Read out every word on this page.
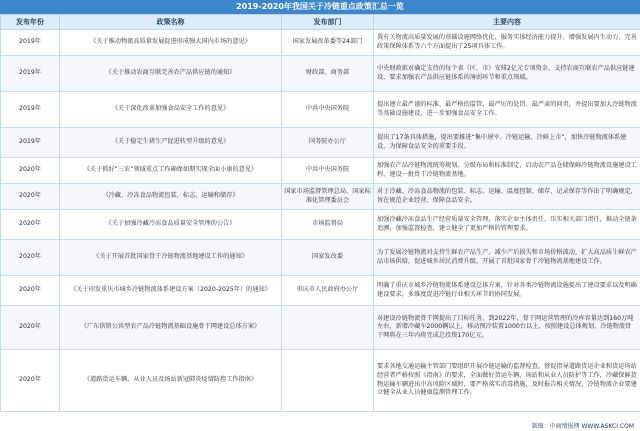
2019-2020年我国关于冷链重点政策汇总一览
发布年份	政策名称	发布部门	主要内容
2019年	《关于推动物流高质量发展促进形成强大国内市场的意见》	国家发展改革委等24部门	我有关物流高质量发展的基础设施网络优化、服务实体经济能力提升、增强发展内生动力、完善政策保障体系等六个方面提出了25项具体工作。
2019年	《关于推动农商互联完善农产品供应链的通知》	财政部、商务部	中央财政拟对确定支持的每个省（区、市）安排2亿元专项资金，支持农商互联农产品供应链建设，要求加强农产品供应链体系的薄弱环节和重点领域。
2019年	《关于深化改革加强食品安全工作的意见》	中共中央国务院	提出建立最严谨的标准、最严格的监管、最严厉的处罚、最严肃的问责，并提出要加大冷链物流等基础设施建设，进一步加强食品安全工作。
2019年	《关于稳定生猪生产促进转型升级的意见》	国务院办公厅	提出了17条具体措施，提出要推进“集中屠宰、冷链运输、冷鲜上市”，加快冷链物流体系建设，为保障食品安全的重要手段。
2020年	《关于抓好“三农”领域重点工作确保如期实现全面小康的意见》	中共中央国务院	加强农产品冷链物流统筹规划、分级布局和标准制定，启动农产品仓储保鲜冷链物流设施建设工程，建设一批骨干冷链物流基地。
2020年	《冷藏、冷冻食品物流包装、标志、运输和储存》	国家市场监督管理总局、国家标准化管理委员会	对于冷藏、冷冻食品物流的包装、标志、运输、温度控制、储存、记录保存等作出了明确规定，旨在规范企业经营、保障食品安全。
2020年	《关于加强冷藏冷冻食品质量安全管理的公告》	市场监督局	加强冷藏冷冻食品生产经营质量安全管理，落实企业主体责任，压实相关部门责任，推动全链条追溯，加强监督检查，建立健全了更加严格的管理要求。
2020年	《关于开展首批国家骨干冷链物流基地建设工作的通知》	国家发改委	为了发展冷链物流对支持生鲜农产品生产，减少产后损失和市场价格波动，扩大高品质生鲜农产品市场供给，促进城乡居民消费升级，开展了首批国家骨干冷链物流基地建设工作。
2020年	《关于印发重庆市城乡冷链物流体系建设方案（2020-2025年）的通知》	重庆市人民政府办公厅	明确了重庆市城乡冷链物流体系建设总体方案，针对各类冷链物流设施提出了建设要求以及明确建设要求，多维度促进冷链行业相关环节的协同发展。
2020年	《广东供销公共型农产品冷链物流基础设施骨干网建设总体方案》		对建设冷链物流骨干网提出了目标任务，到2022年，骨干网运营管理的冷库容量达到160万吨左右，新增冷藏车2000辆以上，移动预冷装置1000台以上，按照建设总体规划，冷链物流骨干网将在三年内将完成总投资170亿元。
2020年	《道路货运车辆、从业人员及场站新冠肺炎疫情防控工作指南》		要求各地交通运输主管部门要组织开展冷链运输的监督检查，督促指导道路货运企业和货运场站经营者严格按照《指南》的要求，全面做好货运车辆、场站和从业人员防护等工作，冷藏保鲜货物运输车辆进出中高风险区域时，要严格落实消毒措施，及时报告相关情况，冷链物流企业要建立健全从业人员健康监测管理工作。
制图：中商情报网 WWW.ASKCI.COM
